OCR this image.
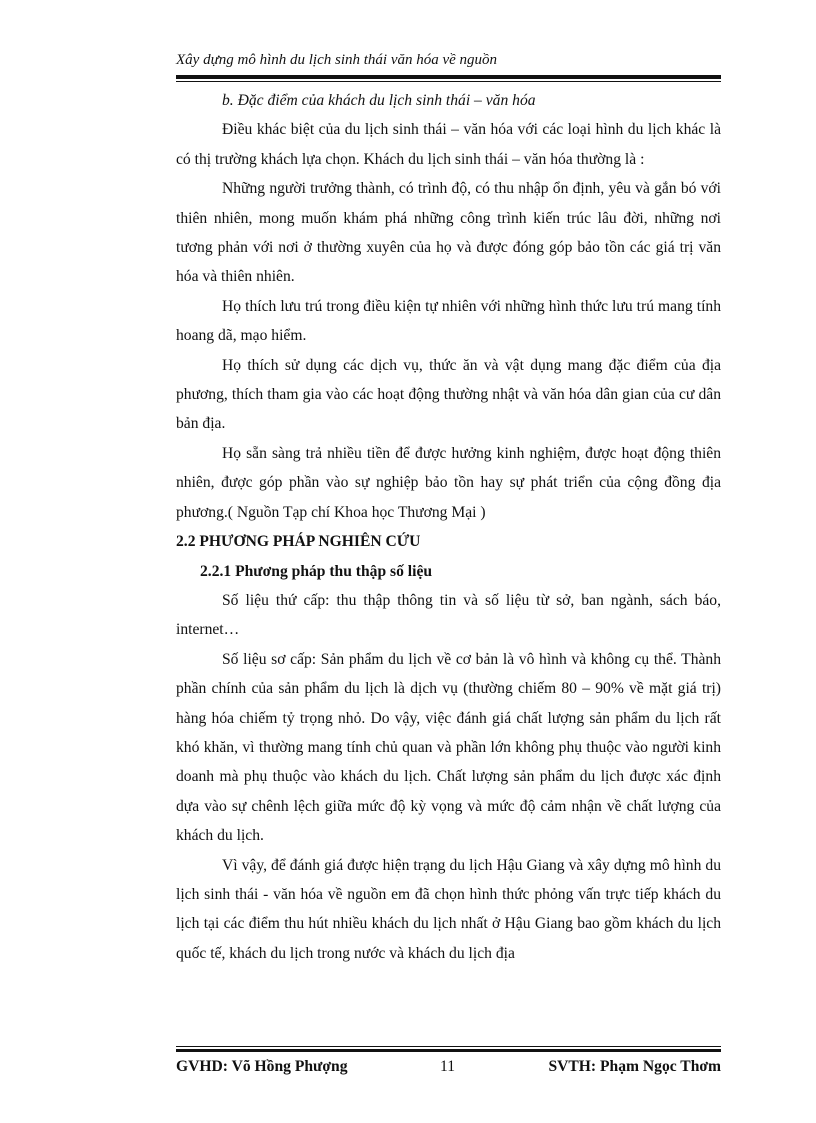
Xây dựng mô hình du lịch sinh thái văn hóa về nguồn

b. Đặc điểm của khách du lịch sinh thái – văn hóa

Điều khác biệt của du lịch sinh thái – văn hóa với các loại hình du lịch khác là có thị trường khách lựa chọn. Khách du lịch sinh thái – văn hóa thường là :

Những người trưởng thành, có trình độ, có thu nhập ổn định, yêu và gắn bó với thiên nhiên, mong muốn khám phá những công trình kiến trúc lâu đời, những nơi tương phản với nơi ở thường xuyên của họ và được đóng góp bảo tồn các giá trị văn hóa và thiên nhiên.

Họ thích lưu trú trong điều kiện tự nhiên với những hình thức lưu trú mang tính hoang dã, mạo hiểm.

Họ thích sử dụng các dịch vụ, thức ăn và vật dụng mang đặc điểm của địa phương, thích tham gia vào các hoạt động thường nhật và văn hóa dân gian của cư dân bản địa.

Họ sẵn sàng trả nhiều tiền để được hưởng kinh nghiệm, được hoạt động thiên nhiên, được góp phần vào sự nghiệp bảo tồn hay sự phát triển của cộng đồng địa phương.( Nguồn Tạp chí Khoa học Thương Mại )

2.2 PHƯƠNG PHÁP NGHIÊN CỨU

2.2.1 Phương pháp thu thập số liệu

Số liệu thứ cấp: thu thập thông tin và số liệu từ sở, ban ngành, sách báo, internet…

Số liệu sơ cấp: Sản phẩm du lịch về cơ bản là vô hình và không cụ thể. Thành phần chính của sản phẩm du lịch là dịch vụ (thường chiếm 80 – 90% về mặt giá trị) hàng hóa chiếm tỷ trọng nhỏ. Do vậy, việc đánh giá chất lượng sản phẩm du lịch rất khó khăn, vì thường mang tính chủ quan và phần lớn không phụ thuộc vào người kinh doanh mà phụ thuộc vào khách du lịch. Chất lượng sản phẩm du lịch được xác định dựa vào sự chênh lệch giữa mức độ kỳ vọng và mức độ cảm nhận về chất lượng của khách du lịch.

Vì vậy, để đánh giá được hiện trạng du lịch Hậu Giang và xây dựng mô hình du lịch sinh thái - văn hóa về nguồn em đã chọn hình thức phỏng vấn trực tiếp khách du lịch tại các điểm thu hút nhiều khách du lịch nhất ở Hậu Giang bao gồm khách du lịch quốc tế, khách du lịch trong nước và khách du lịch địa

GVHD: Võ Hồng Phượng	11	SVTH: Phạm Ngọc Thơm
